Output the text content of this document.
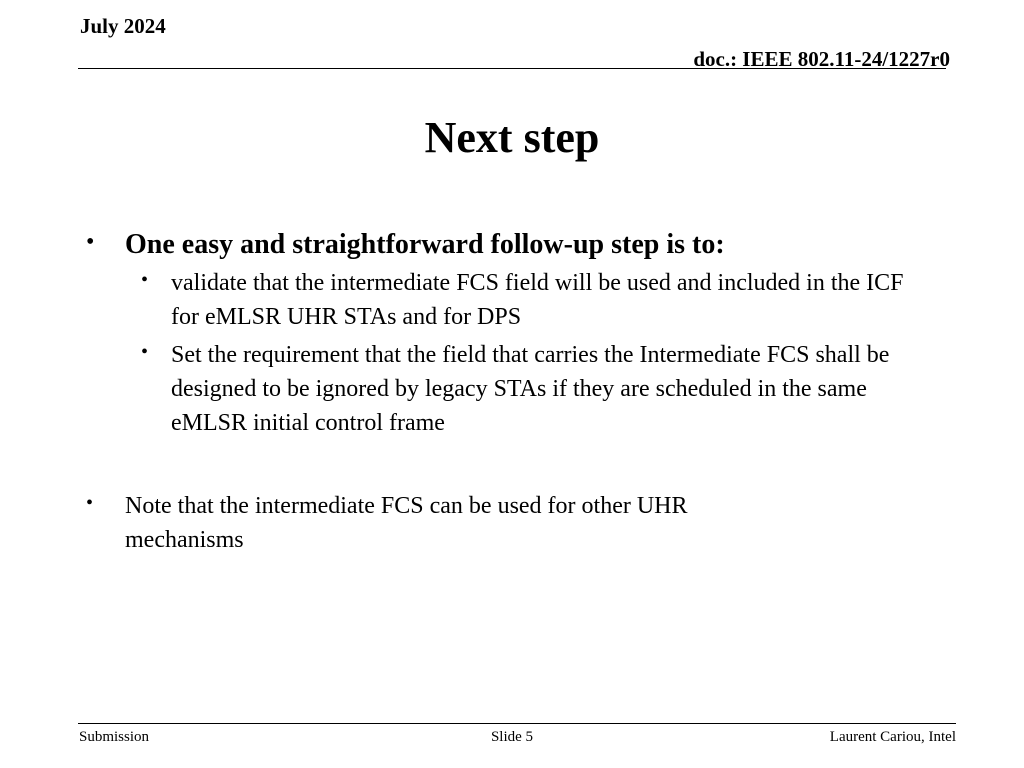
July 2024
doc.: IEEE 802.11-24/1227r0
Next step
• One easy and straightforward follow-up step is to:
• validate that the intermediate FCS field will be used and included in the ICF for eMLSR UHR STAs and for DPS
• Set the requirement that the field that carries the Intermediate FCS shall be designed to be ignored by legacy STAs if they are scheduled in the same eMLSR initial control frame
• Note that the intermediate FCS can be used for other UHR mechanisms
Submission	Slide 5	Laurent Cariou, Intel
